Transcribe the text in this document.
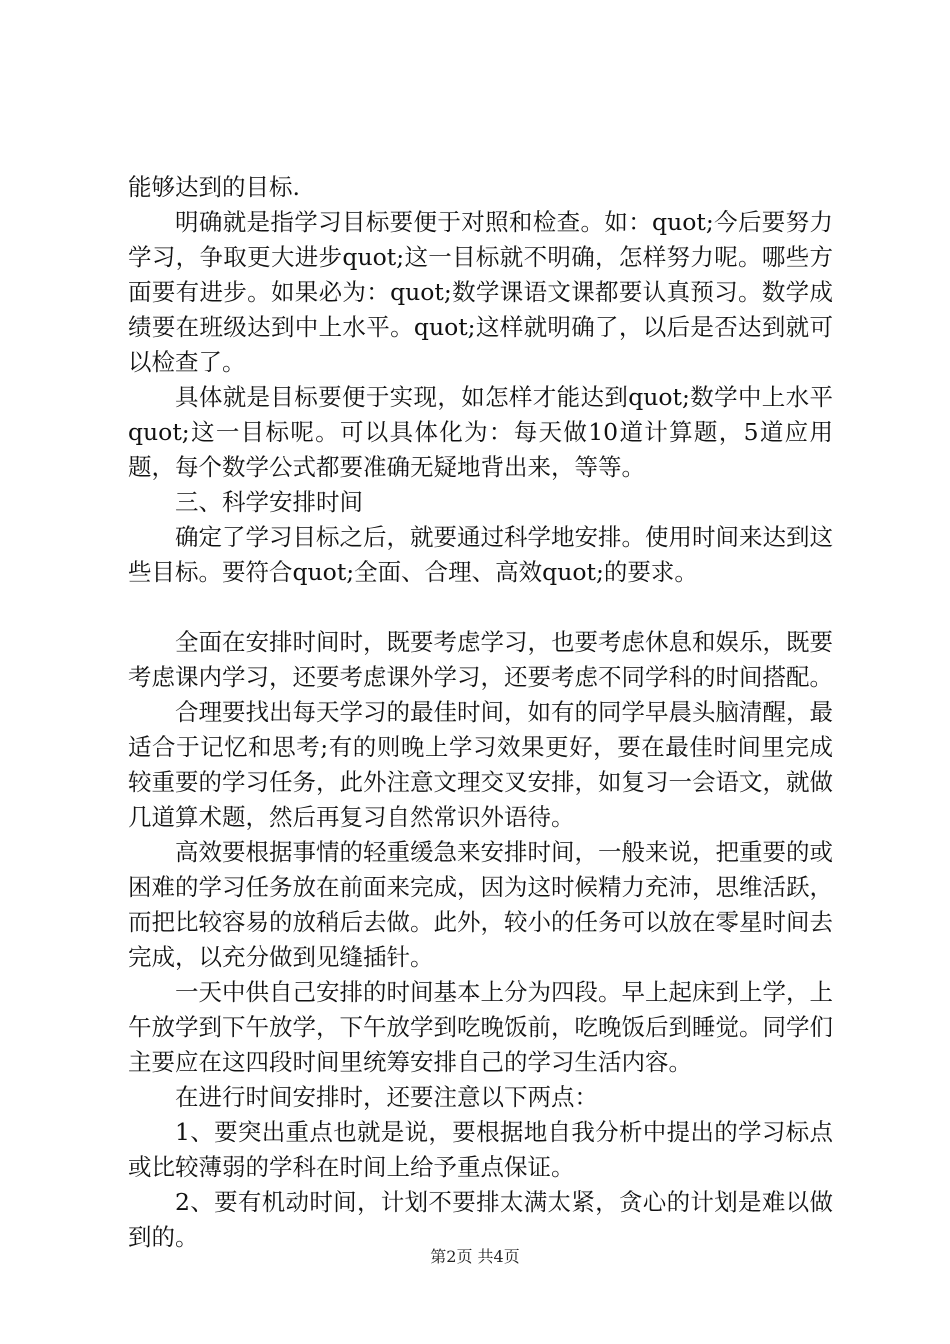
能够达到的目标.

明确就是指学习目标要便于对照和检查。如：quot;今后要努力学习，争取更大进步quot;这一目标就不明确，怎样努力呢。哪些方面要有进步。如果必为：quot;数学课语文课都要认真预习。数学成绩要在班级达到中上水平。quot;这样就明确了，以后是否达到就可以检查了。

具体就是目标要便于实现，如怎样才能达到quot;数学中上水平quot;这一目标呢。可以具体化为：每天做10道计算题，5道应用题，每个数学公式都要准确无疑地背出来，等等。

三、科学安排时间

确定了学习目标之后，就要通过科学地安排。使用时间来达到这些目标。要符合quot;全面、合理、高效quot;的要求。

全面在安排时间时，既要考虑学习，也要考虑休息和娱乐，既要考虑课内学习，还要考虑课外学习，还要考虑不同学科的时间搭配。

合理要找出每天学习的最佳时间，如有的同学早晨头脑清醒，最适合于记忆和思考;有的则晚上学习效果更好，要在最佳时间里完成较重要的学习任务，此外注意文理交叉安排，如复习一会语文，就做几道算术题，然后再复习自然常识外语待。

高效要根据事情的轻重缓急来安排时间，一般来说，把重要的或困难的学习任务放在前面来完成，因为这时候精力充沛，思维活跃，而把比较容易的放稍后去做。此外，较小的任务可以放在零星时间去完成，以充分做到见缝插针。

一天中供自己安排的时间基本上分为四段。早上起床到上学，上午放学到下午放学，下午放学到吃晚饭前，吃晚饭后到睡觉。同学们主要应在这四段时间里统筹安排自己的学习生活内容。

在进行时间安排时，还要注意以下两点：

1、要突出重点也就是说，要根据地自我分析中提出的学习标点或比较薄弱的学科在时间上给予重点保证。

2、要有机动时间，计划不要排太满太紧，贪心的计划是难以做到的。

第2页 共4页
